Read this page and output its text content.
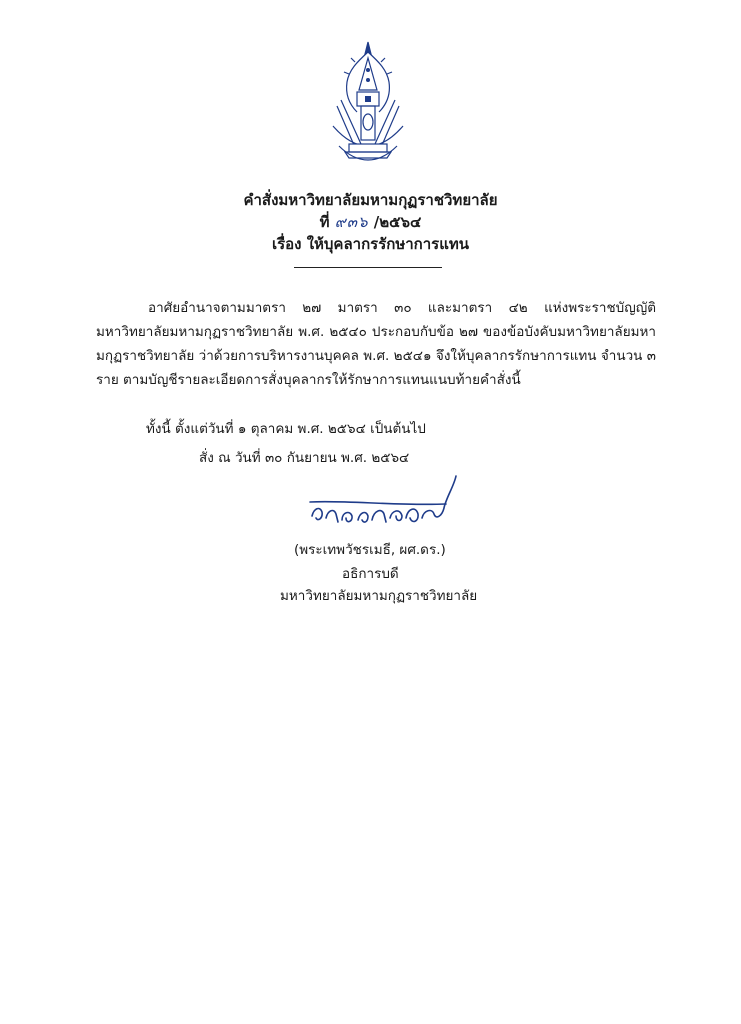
คำสั่งมหาวิทยาลัยมหามกุฏราชวิทยาลัย
ที่ ๙๓๖ /๒๕๖๔
เรื่อง ให้บุคลากรรักษาการแทน
อาศัยอำนาจตามมาตรา ๒๗ มาตรา ๓๐ และมาตรา ๔๒ แห่งพระราชบัญญัติมหาวิทยาลัยมหามกุฏราชวิทยาลัย พ.ศ. ๒๕๔๐ ประกอบกับข้อ ๒๗ ของข้อบังคับมหาวิทยาลัยมหามกุฏราชวิทยาลัย ว่าด้วยการบริหารงานบุคคล พ.ศ. ๒๕๔๑ จึงให้บุคลากรรักษาการแทน จำนวน ๓ ราย ตามบัญชีรายละเอียดการสั่งบุคลากรให้รักษาการแทนแนบท้ายคำสั่งนี้
ทั้งนี้ ตั้งแต่วันที่ ๑ ตุลาคม พ.ศ. ๒๕๖๔ เป็นต้นไป
สั่ง ณ วันที่ ๓๐ กันยายน พ.ศ. ๒๕๖๔
(พระเทพวัชรเมธี, ผศ.ดร.)
อธิการบดี
มหาวิทยาลัยมหามกุฏราชวิทยาลัย
